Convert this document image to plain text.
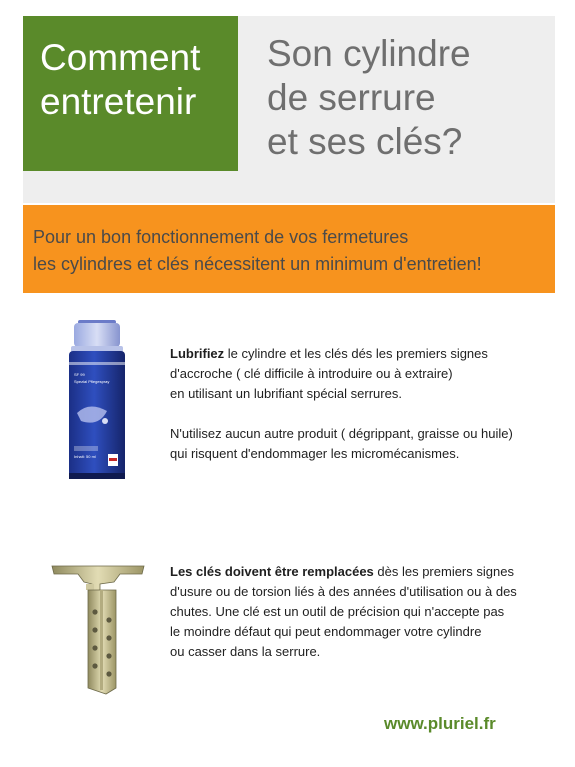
Comment
entretenir
Son cylindre
de serrure
et ses clés?
Pour un bon fonctionnement de vos fermetures
les cylindres et clés nécessitent un minimum d'entretien!
SF 99
Spezial Pflegespray
Inhalt: 50 ml
Lubrifiez le cylindre et les clés dés les premiers signes
d'accroche ( clé difficile à introduire ou à extraire)
en utilisant un lubrifiant spécial serrures.
N'utilisez aucun autre produit ( dégrippant, graisse ou huile)
qui risquent d'endommager les micromécanismes.
Les clés doivent être remplacées dès les premiers signes
d'usure ou de torsion liés à des années d'utilisation ou à des
chutes. Une clé est un outil de précision qui n'accepte pas
le moindre défaut qui peut endommager votre cylindre
ou casser dans la serrure.
www.pluriel.fr
